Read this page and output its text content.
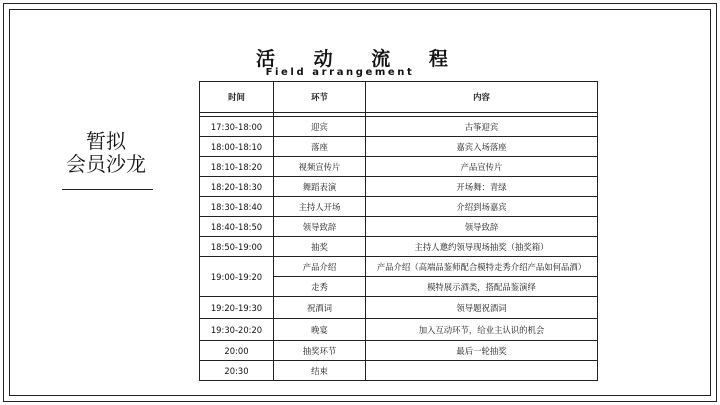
活 动 流 程
Field arrangement
暂拟
会员沙龙
时间	环节	内容

17:30-18:00	迎宾	古筝迎宾
18:00-18:10	落座	嘉宾入场落座
18:10-18:20	视频宣传片	产品宣传片
18:20-18:30	舞蹈表演	开场舞：青绿
18:30-18:40	主持人开场	介绍到场嘉宾
18:40-18:50	领导致辞	领导致辞
18:50-19:00	抽奖	主持人邀约领导现场抽奖（抽奖箱）
19:00-19:20	产品介绍	产品介绍（高端品鉴师配合模特走秀介绍产品如何品酒）
	走秀	模特展示酒类，搭配品鉴演绎
19:20-19:30	祝酒词	领导题祝酒词
19:30-20:20	晚宴	加入互动环节，给业主认识的机会
20:00	抽奖环节	最后一轮抽奖
20:30	结束	
